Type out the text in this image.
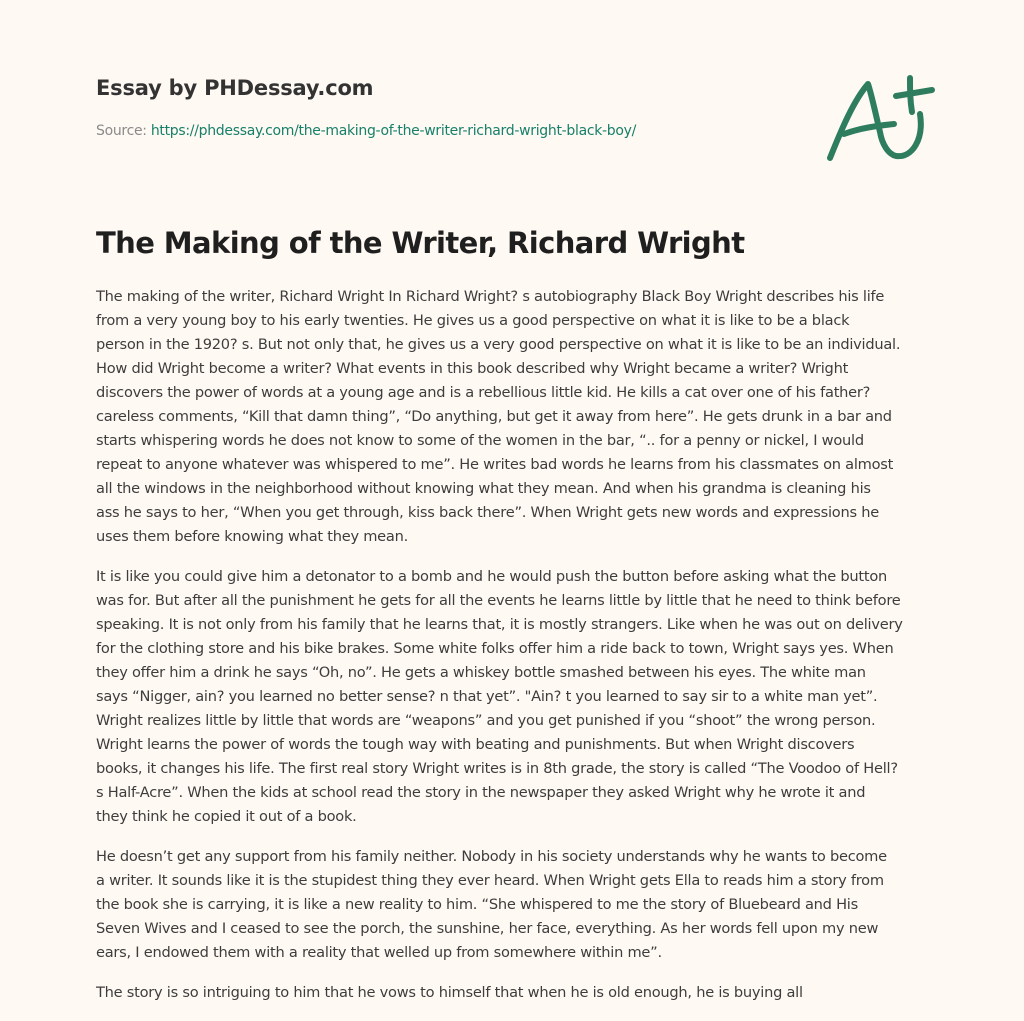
Essay by PHDessay.com
Source: https://phdessay.com/the-making-of-the-writer-richard-wright-black-boy/
The Making of the Writer, Richard Wright

The making of the writer, Richard Wright In Richard Wright? s autobiography Black Boy Wright describes his life
from a very young boy to his early twenties. He gives us a good perspective on what it is like to be a black
person in the 1920? s. But not only that, he gives us a very good perspective on what it is like to be an individual.
How did Wright become a writer? What events in this book described why Wright became a writer? Wright
discovers the power of words at a young age and is a rebellious little kid. He kills a cat over one of his father?
careless comments, “Kill that damn thing”, “Do anything, but get it away from here”. He gets drunk in a bar and
starts whispering words he does not know to some of the women in the bar, “.. for a penny or nickel, I would
repeat to anyone whatever was whispered to me”. He writes bad words he learns from his classmates on almost
all the windows in the neighborhood without knowing what they mean. And when his grandma is cleaning his
ass he says to her, “When you get through, kiss back there”. When Wright gets new words and expressions he
uses them before knowing what they mean.

It is like you could give him a detonator to a bomb and he would push the button before asking what the button
was for. But after all the punishment he gets for all the events he learns little by little that he need to think before
speaking. It is not only from his family that he learns that, it is mostly strangers. Like when he was out on delivery
for the clothing store and his bike brakes. Some white folks offer him a ride back to town, Wright says yes. When
they offer him a drink he says “Oh, no”. He gets a whiskey bottle smashed between his eyes. The white man
says “Nigger, ain? you learned no better sense? n that yet”. "Ain? t you learned to say sir to a white man yet”.
Wright realizes little by little that words are “weapons” and you get punished if you “shoot” the wrong person.
Wright learns the power of words the tough way with beating and punishments. But when Wright discovers
books, it changes his life. The first real story Wright writes is in 8th grade, the story is called “The Voodoo of Hell?
s Half-Acre”. When the kids at school read the story in the newspaper they asked Wright why he wrote it and
they think he copied it out of a book.

He doesn’t get any support from his family neither. Nobody in his society understands why he wants to become
a writer. It sounds like it is the stupidest thing they ever heard. When Wright gets Ella to reads him a story from
the book she is carrying, it is like a new reality to him. “She whispered to me the story of Bluebeard and His
Seven Wives and I ceased to see the porch, the sunshine, her face, everything. As her words fell upon my new
ears, I endowed them with a reality that welled up from somewhere within me”.

The story is so intriguing to him that he vows to himself that when he is old enough, he is buying all
